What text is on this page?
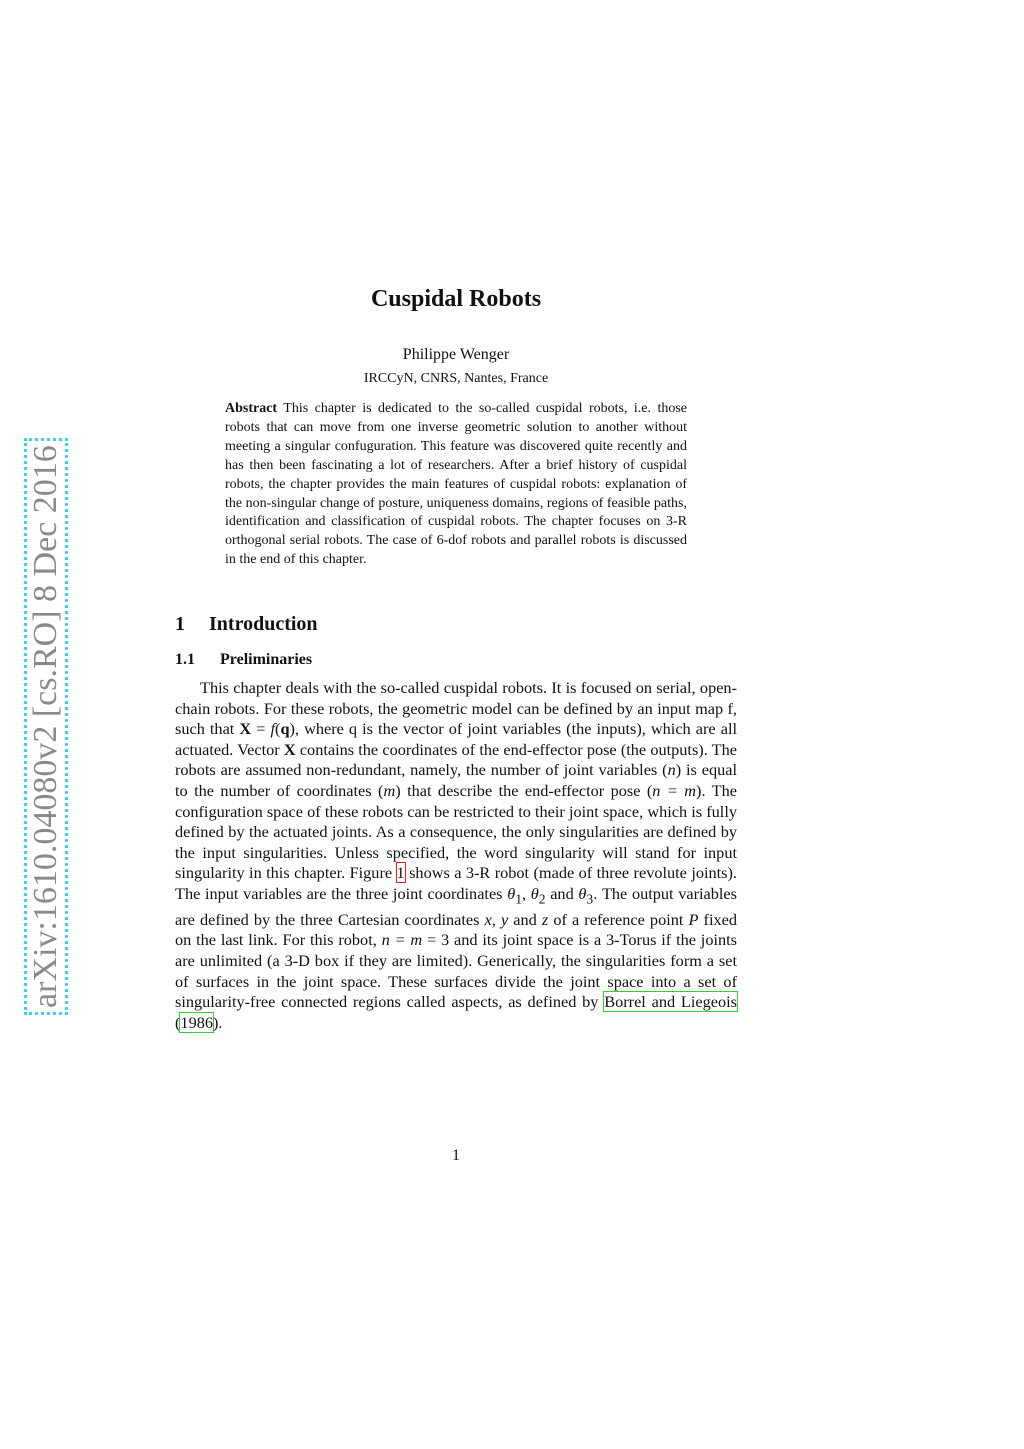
arXiv:1610.04080v2 [cs.RO] 8 Dec 2016
Cuspidal Robots
Philippe Wenger
IRCCyN, CNRS, Nantes, France
Abstract This chapter is dedicated to the so-called cuspidal robots, i.e. those robots that can move from one inverse geometric solution to another without meeting a singular confuguration. This feature was discovered quite recently and has then been fascinating a lot of researchers. After a brief history of cuspidal robots, the chapter provides the main features of cuspidal robots: explanation of the non-singular change of posture, uniqueness domains, regions of feasible paths, identification and classification of cuspidal robots. The chapter focuses on 3-R orthogonal serial robots. The case of 6-dof robots and parallel robots is discussed in the end of this chapter.
1 Introduction
1.1 Preliminaries
This chapter deals with the so-called cuspidal robots. It is focused on serial, open-chain robots. For these robots, the geometric model can be defined by an input map f, such that X = f(q), where q is the vector of joint variables (the inputs), which are all actuated. Vector X contains the coordinates of the end-effector pose (the outputs). The robots are assumed non-redundant, namely, the number of joint variables (n) is equal to the number of coordinates (m) that describe the end-effector pose (n = m). The configuration space of these robots can be restricted to their joint space, which is fully defined by the actuated joints. As a consequence, the only singularities are defined by the input singularities. Unless specified, the word singularity will stand for input singularity in this chapter. Figure 1 shows a 3-R robot (made of three revolute joints). The input variables are the three joint coordinates $\theta_1$, $\theta_2$ and $\theta_3$. The output variables are defined by the three Cartesian coordinates x, y and z of a reference point P fixed on the last link. For this robot, n = m = 3 and its joint space is a 3-Torus if the joints are unlimited (a 3-D box if they are limited). Generically, the singularities form a set of surfaces in the joint space. These surfaces divide the joint space into a set of singularity-free connected regions called aspects, as defined by Borrel and Liegeois (1986).
1
